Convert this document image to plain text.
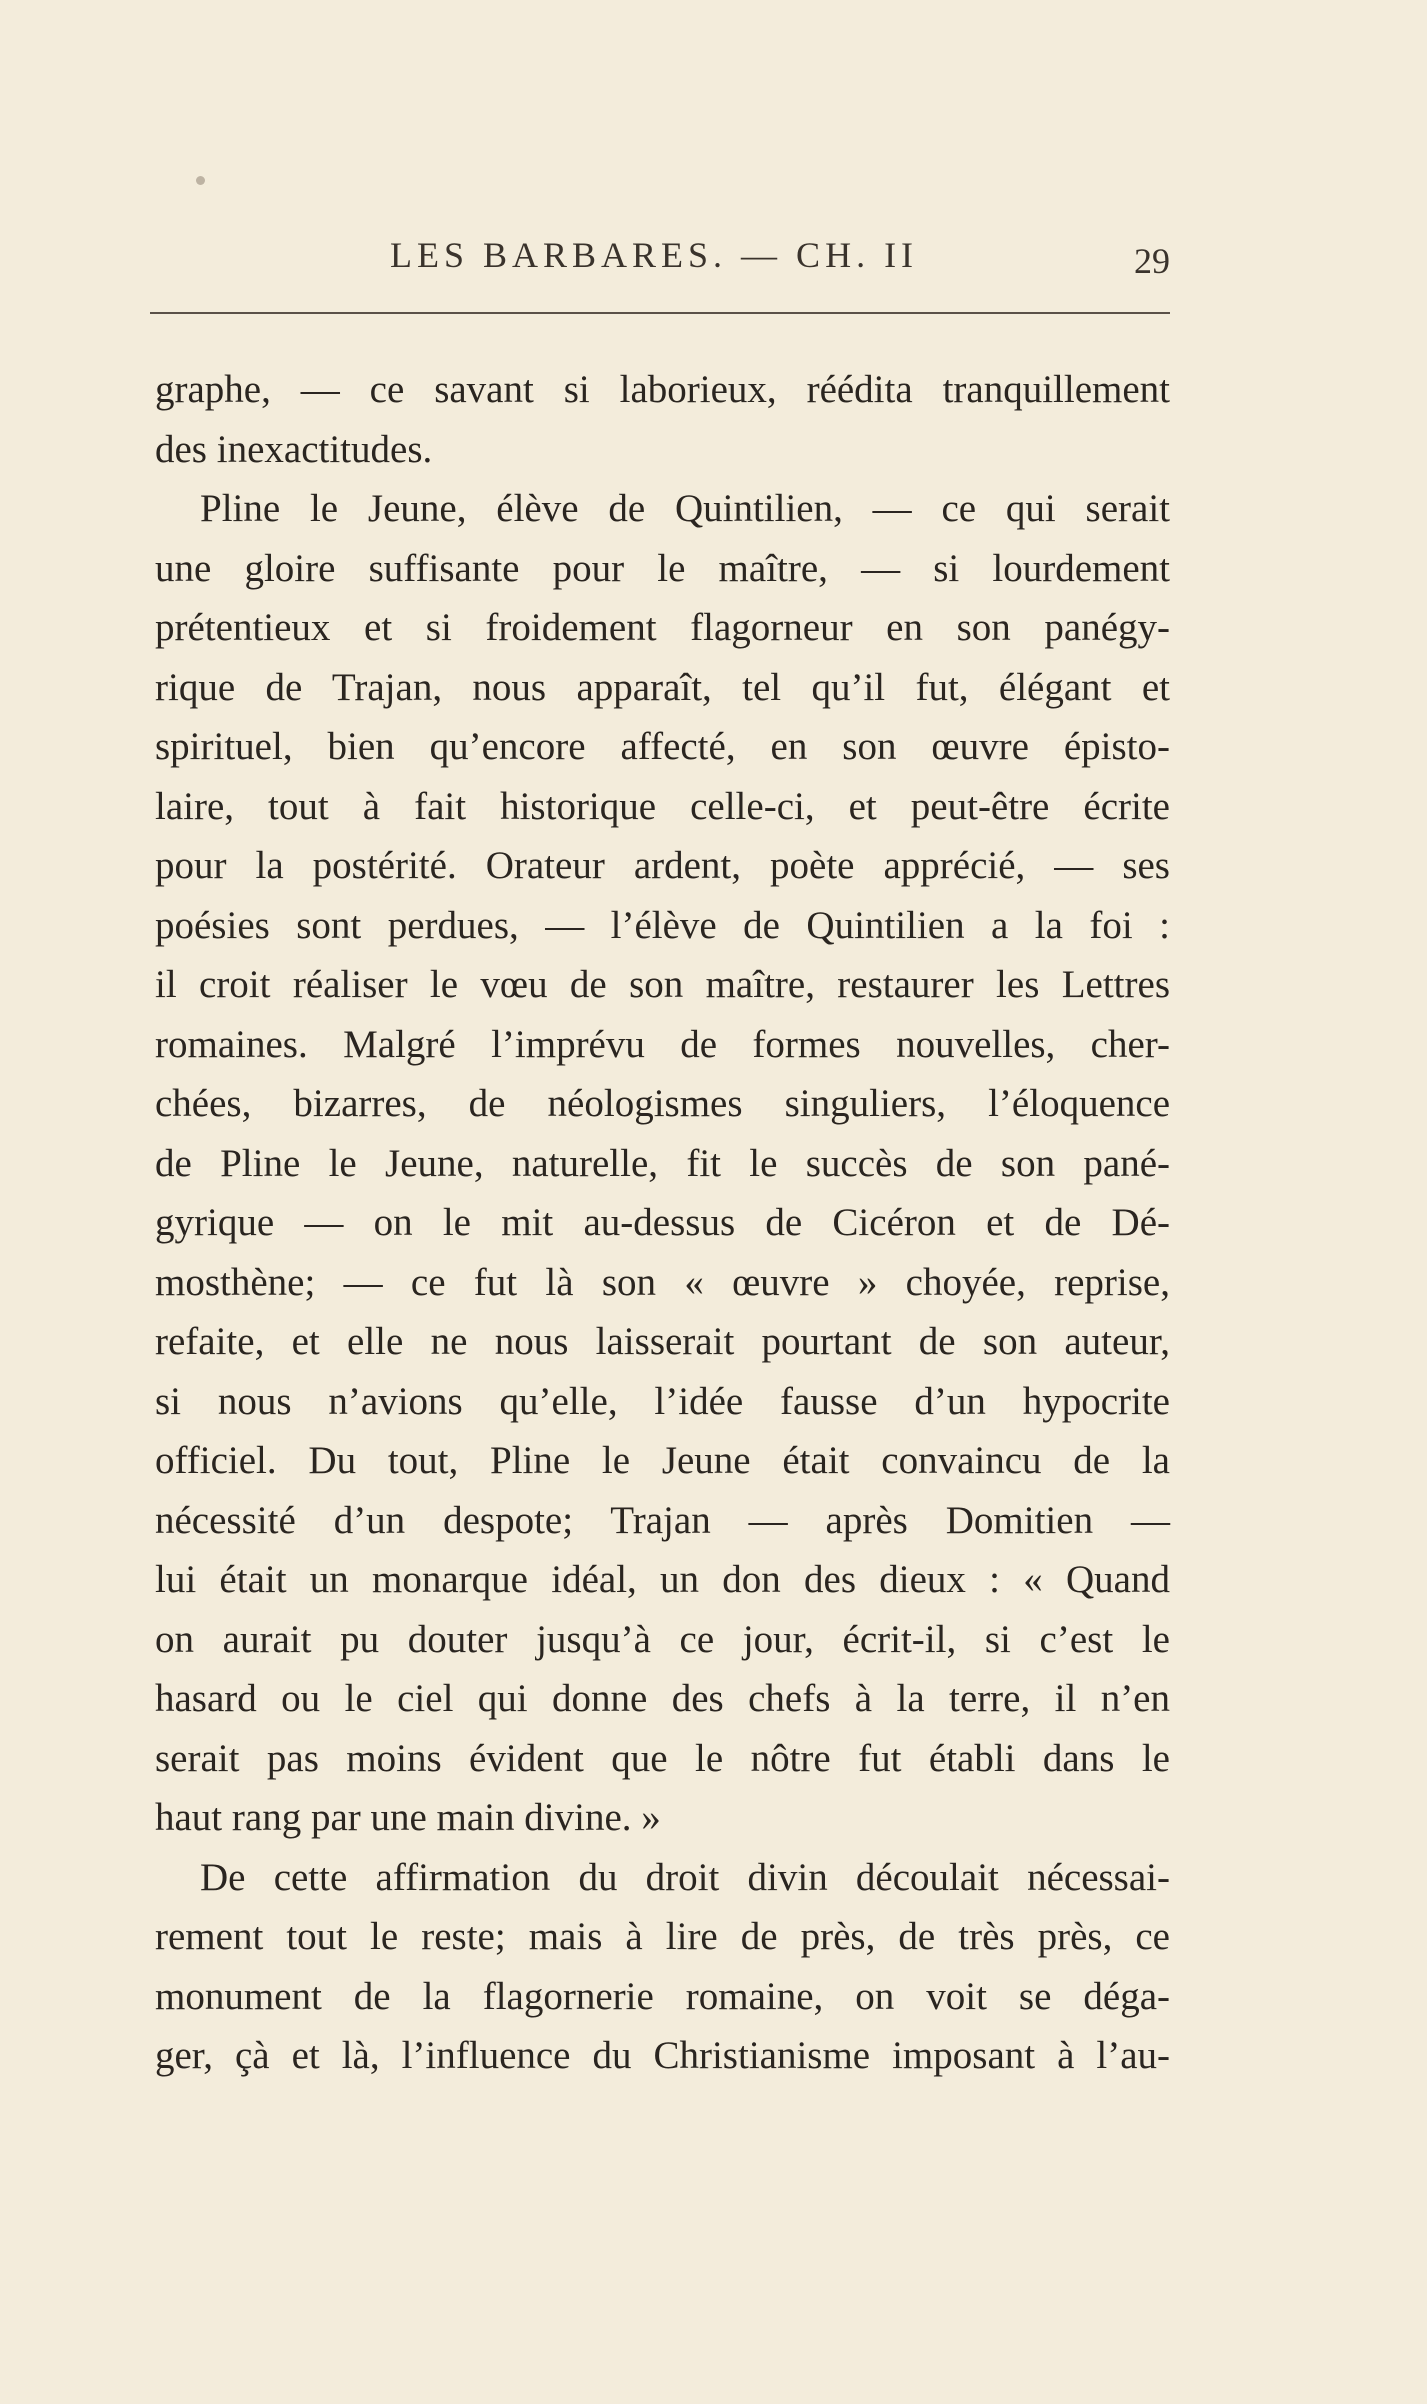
LES BARBARES. — CH. II	29
graphe, — ce savant si laborieux, réédita tranquillement
des inexactitudes.
Pline le Jeune, élève de Quintilien, — ce qui serait
une gloire suffisante pour le maître, — si lourdement
prétentieux et si froidement flagorneur en son panégy-
rique de Trajan, nous apparaît, tel qu’il fut, élégant et
spirituel, bien qu’encore affecté, en son œuvre épisto-
laire, tout à fait historique celle-ci, et peut-être écrite
pour la postérité. Orateur ardent, poète apprécié, — ses
poésies sont perdues, — l’élève de Quintilien a la foi :
il croit réaliser le vœu de son maître, restaurer les Lettres
romaines. Malgré l’imprévu de formes nouvelles, cher-
chées, bizarres, de néologismes singuliers, l’éloquence
de Pline le Jeune, naturelle, fit le succès de son pané-
gyrique — on le mit au-dessus de Cicéron et de Dé-
mosthène; — ce fut là son « œuvre » choyée, reprise,
refaite, et elle ne nous laisserait pourtant de son auteur,
si nous n’avions qu’elle, l’idée fausse d’un hypocrite
officiel. Du tout, Pline le Jeune était convaincu de la
nécessité d’un despote; Trajan — après Domitien —
lui était un monarque idéal, un don des dieux : « Quand
on aurait pu douter jusqu’à ce jour, écrit-il, si c’est le
hasard ou le ciel qui donne des chefs à la terre, il n’en
serait pas moins évident que le nôtre fut établi dans le
haut rang par une main divine. »
De cette affirmation du droit divin découlait nécessai-
rement tout le reste; mais à lire de près, de très près, ce
monument de la flagornerie romaine, on voit se déga-
ger, çà et là, l’influence du Christianisme imposant à l’au-
